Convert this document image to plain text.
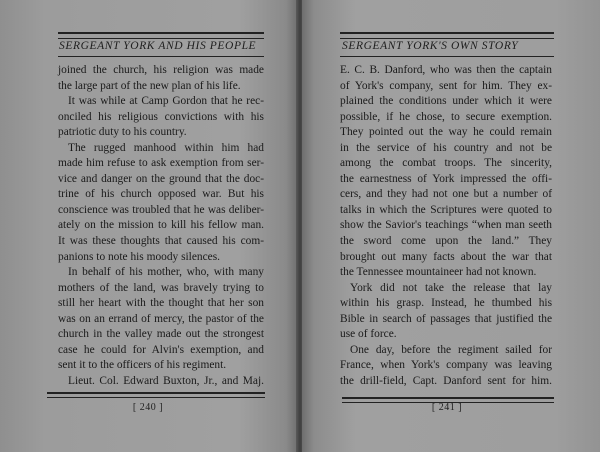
SERGEANT YORK AND HIS PEOPLE
joined the church, his religion was made
the large part of the new plan of his life.
It was while at Camp Gordon that he rec-
onciled his religious convictions with his
patriotic duty to his country.
The rugged manhood within him had
made him refuse to ask exemption from ser-
vice and danger on the ground that the doc-
trine of his church opposed war. But his
conscience was troubled that he was deliber-
ately on the mission to kill his fellow man.
It was these thoughts that caused his com-
panions to note his moody silences.
In behalf of his mother, who, with many
mothers of the land, was bravely trying to
still her heart with the thought that her son
was on an errand of mercy, the pastor of the
church in the valley made out the strongest
case he could for Alvin's exemption, and
sent it to the officers of his regiment.
Lieut. Col. Edward Buxton, Jr., and Maj.
[ 240 ]
SERGEANT YORK'S OWN STORY
E. C. B. Danford, who was then the captain
of York's company, sent for him. They ex-
plained the conditions under which it were
possible, if he chose, to secure exemption.
They pointed out the way he could remain
in the service of his country and not be
among the combat troops. The sincerity,
the earnestness of York impressed the offi-
cers, and they had not one but a number of
talks in which the Scriptures were quoted to
show the Savior's teachings “when man seeth
the sword come upon the land.” They
brought out many facts about the war that
the Tennessee mountaineer had not known.
York did not take the release that lay
within his grasp. Instead, he thumbed his
Bible in search of passages that justified the
use of force.
One day, before the regiment sailed for
France, when York's company was leaving
the drill-field, Capt. Danford sent for him.
[ 241 ]
